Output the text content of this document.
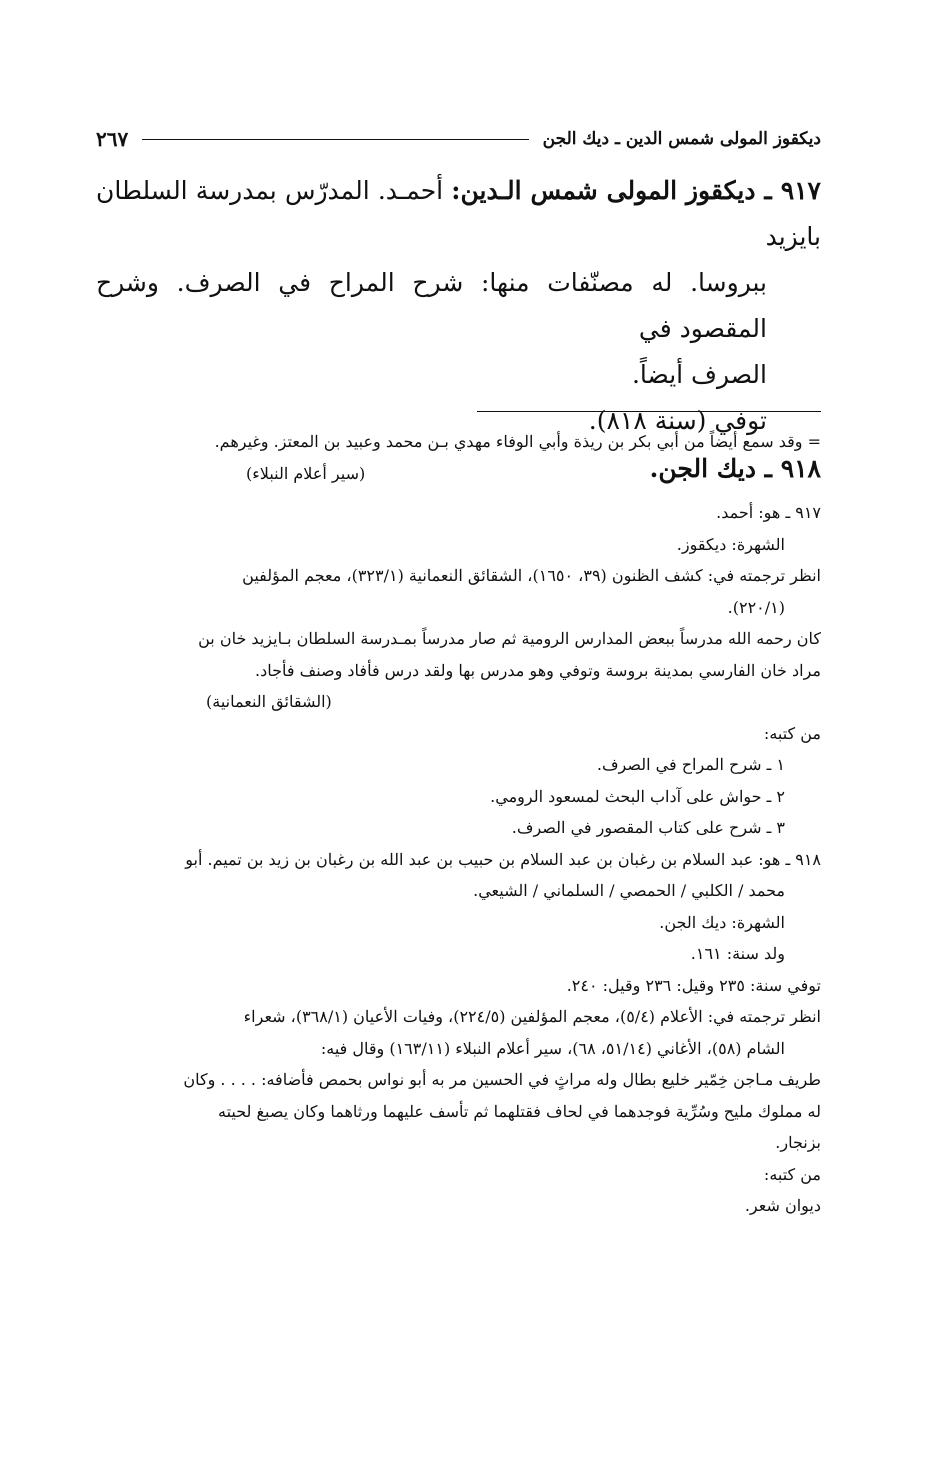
ديكقوز المولى شمس الدين ـ ديك الجن
٢٦٧
٩١٧ ـ ديكقوز المولى شمس الـدين: أحمـد. المدرّس بمدرسة السلطان بايزيد
ببروسا. له مصنّفات منها: شرح المراح في الصرف. وشرح المقصود في
الصرف أيضاً.
توفي (سنة ٨١٨).
٩١٨ ـ ديك الجن.
= وقد سمع أيضاً من أبي بكر بن ريذة وأبي الوفاء مهدي بـن محمد وعبيد بن المعتز. وغيرهم.
(سير أعلام النبلاء)
٩١٧ ـ هو: أحمد.
الشهرة: ديكقوز.
انظر ترجمته في: كشف الظنون (٣٩، ١٦٥٠)، الشقائق النعمانية (٣٢٣/١)، معجم المؤلفين
(٢٢٠/١).
كان رحمه الله مدرساً ببعض المدارس الرومية ثم صار مدرساً بمـدرسة السلطان بـايزيد خان بن
مراد خان الفارسي بمدينة بروسة وتوفي وهو مدرس بها ولقد درس فأفاد وصنف فأجاد.
(الشقائق النعمانية)
من كتبه:
١ ـ شرح المراح في الصرف.
٢ ـ حواش على آداب البحث لمسعود الرومي.
٣ ـ شرح على كتاب المقصور في الصرف.
٩١٨ ـ هو: عبد السلام بن رغبان بن عبد السلام بن حبيب بن عبد الله بن رغبان بن زيد بن تميم. أبو
محمد / الكلبي / الحمصي / السلماني / الشيعي.
الشهرة: ديك الجن.
ولد سنة: ١٦١.
توفي سنة: ٢٣٥ وقيل: ٢٣٦ وقيل: ٢٤٠.
انظر ترجمته في: الأعلام (٥/٤)، معجم المؤلفين (٢٢٤/٥)، وفيات الأعيان (٣٦٨/١)، شعراء
الشام (٥٨)، الأغاني (٥١/١٤، ٦٨)، سير أعلام النبلاء (١٦٣/١١) وقال فيه:
طريف مـاجن خِمّير خليع بطال وله مراثٍ في الحسين مر به أبو نواس بحمص فأضافه: . . . . وكان
له مملوك مليح وسُرِّية فوجدهما في لحاف فقتلهما ثم تأسف عليهما ورثاهما وكان يصبغ لحيته
بزنجار.
من كتبه:
ديوان شعر.
